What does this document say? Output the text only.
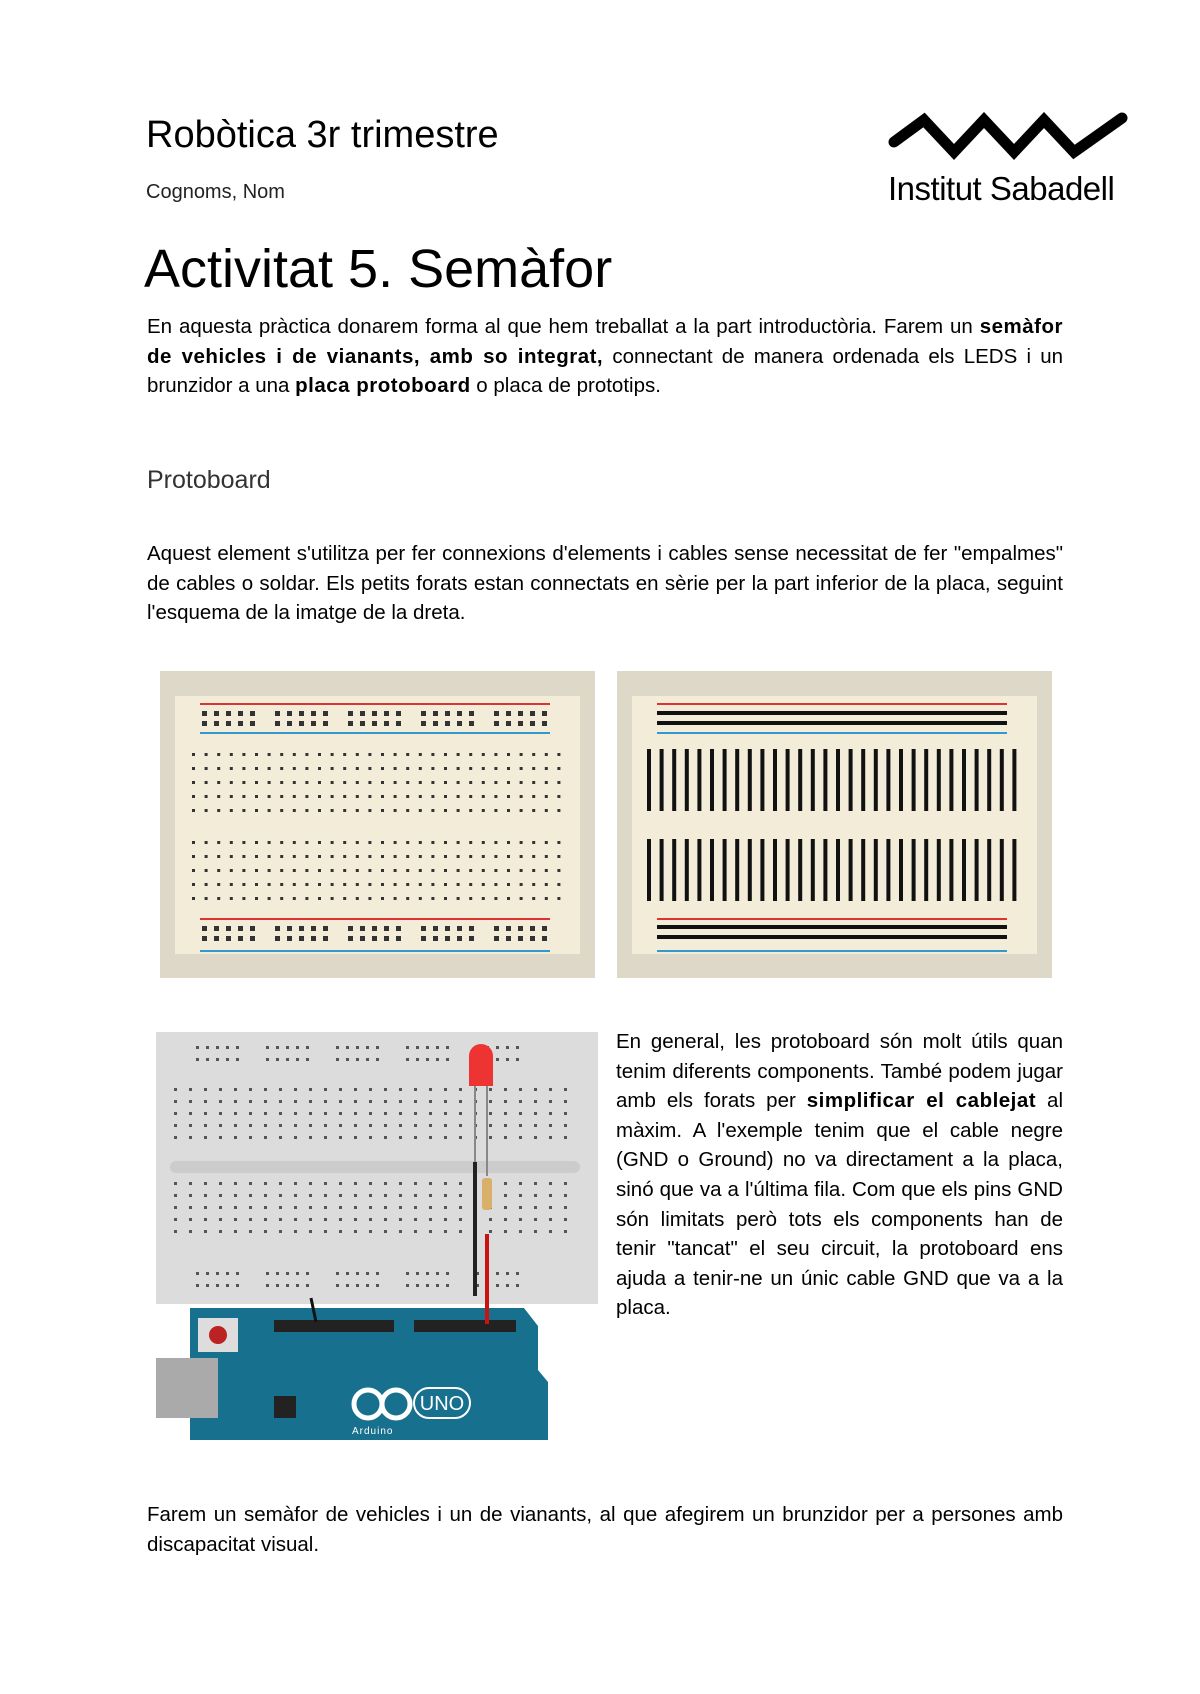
Robòtica 3r trimestre
Cognoms, Nom	Institut Sabadell
Activitat 5. Semàfor

En aquesta pràctica donarem forma al que hem treballat a la part introductòria. Farem un semàfor de vehicles i de vianants, amb so integrat, connectant de manera ordenada els LEDS i un brunzidor a una placa protoboard o placa de prototips.

Protoboard

Aquest element s'utilitza per fer connexions d'elements i cables sense necessitat de fer "empalmes" de cables o soldar. Els petits forats estan connectats en sèrie per la part inferior de la placa, seguint l'esquema de la imatge de la dreta.

UNO
Arduino

En general, les protoboard són molt útils quan tenim diferents components. També podem jugar amb els forats per simplificar el cablejat al màxim. A l'exemple tenim que el cable negre (GND o Ground) no va directament a la placa, sinó que va a l'última fila. Com que els pins GND són limitats però tots els components han de tenir "tancat" el seu circuit, la protoboard ens ajuda a tenir-ne un únic cable GND que va a la placa.

Farem un semàfor de vehicles i un de vianants, al que afegirem un brunzidor per a persones amb discapacitat visual.
